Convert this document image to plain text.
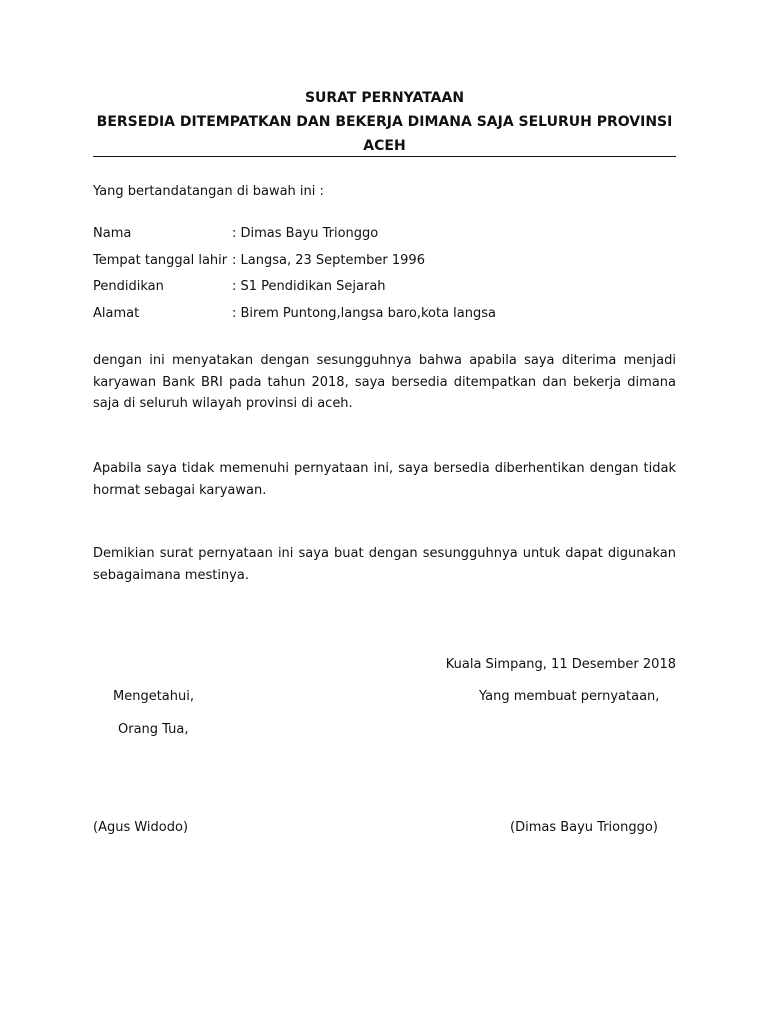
SURAT PERNYATAAN
BERSEDIA DITEMPATKAN DAN BEKERJA DIMANA SAJA SELURUH PROVINSI
ACEH
Yang bertandatangan di bawah ini :
Nama	: Dimas Bayu Trionggo
Tempat tanggal lahir : Langsa, 23 September 1996
Pendidikan	: S1 Pendidikan Sejarah
Alamat	: Birem Puntong,langsa baro,kota langsa

dengan ini menyatakan dengan sesungguhnya bahwa apabila saya diterima menjadi karyawan Bank BRI pada tahun 2018, saya bersedia ditempatkan dan bekerja dimana saja di seluruh wilayah provinsi di aceh.

Apabila saya tidak memenuhi pernyataan ini, saya bersedia diberhentikan dengan tidak hormat sebagai karyawan.

Demikian surat pernyataan ini saya buat dengan sesungguhnya untuk dapat digunakan sebagaimana mestinya.

Kuala Simpang, 11 Desember 2018
Mengetahui,	Yang membuat pernyataan,
Orang Tua,
(Agus Widodo)	(Dimas Bayu Trionggo)
